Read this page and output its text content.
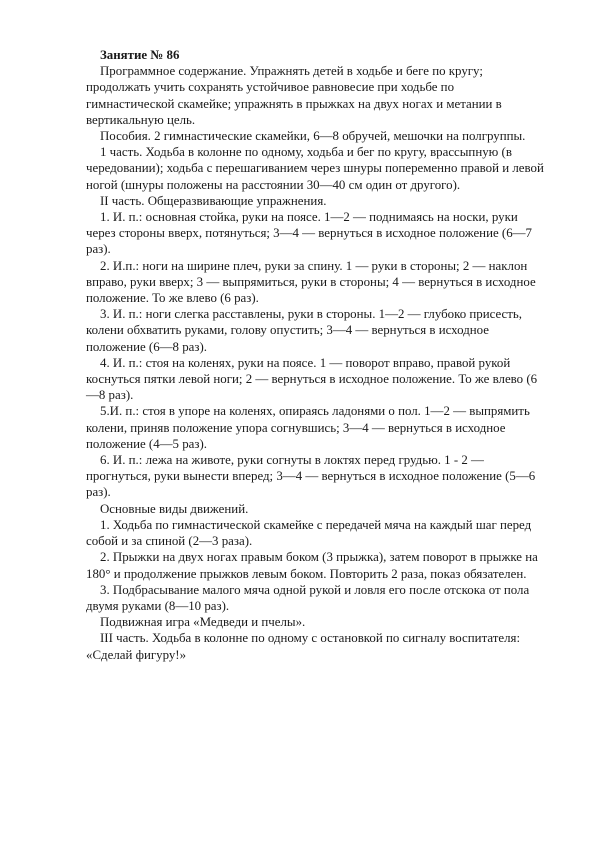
Занятие № 86

Программное содержание. Упражнять детей в ходьбе и беге по кругу; продолжать учить сохранять устойчивое равновесие при ходьбе по гимнастической скамейке; упражнять в прыжках на двух ногах и метании в вертикальную цель.

Пособия. 2 гимнастические скамейки, 6—8 обручей, мешочки на полгруппы.

1 часть. Ходьба в колонне по одному, ходьба и бег по кругу, врассыпную (в чередовании); ходьба с перешагиванием через шнуры попеременно правой и левой ногой (шнуры положены на расстоянии 30—40 см один от другого).

II часть. Общеразвивающие упражнения.

1. И. п.: основная стойка, руки на поясе. 1—2 — поднимаясь на носки, руки через стороны вверх, потянуться; 3—4 — вернуться в исходное положение (6—7 раз).

2. И.п.: ноги на ширине плеч, руки за спину. 1 — руки в стороны; 2 — наклон вправо, руки вверх; 3 — выпрямиться, руки в стороны; 4 — вернуться в исходное положение. То же влево (6 раз).

3. И. п.: ноги слегка расставлены, руки в стороны. 1—2 — глубоко присесть, колени обхватить руками, голову опустить; 3—4 — вернуться в исходное положение (6—8 раз).

4. И. п.: стоя на коленях, руки на поясе. 1 — поворот вправо, правой рукой коснуться пятки левой ноги; 2 — вернуться в исходное положение. То же влево (6—8 раз).

5.И. п.: стоя в упоре на коленях, опираясь ладонями о пол. 1—2 — выпрямить колени, приняв положение упора согнувшись; 3—4 — вернуться в исходное положение (4—5 раз).

6. И. п.: лежа на животе, руки согнуты в локтях перед грудью. 1 - 2 — прогнуться, руки вынести вперед; 3—4 — вернуться в исходное положение (5—6 раз).

Основные виды движений.

1. Ходьба по гимнастической скамейке с передачей мяча на каждый шаг перед собой и за спиной (2—3 раза).

2. Прыжки на двух ногах правым боком (3 прыжка), затем поворот в прыжке на 180° и продолжение прыжков левым боком. Повторить 2 раза, показ обязателен.

3. Подбрасывание малого мяча одной рукой и ловля его после отскока от пола двумя руками (8—10 раз).

Подвижная игра «Медведи и пчелы».

III часть. Ходьба в колонне по одному с остановкой по сигналу воспитателя: «Сделай фигуру!»
